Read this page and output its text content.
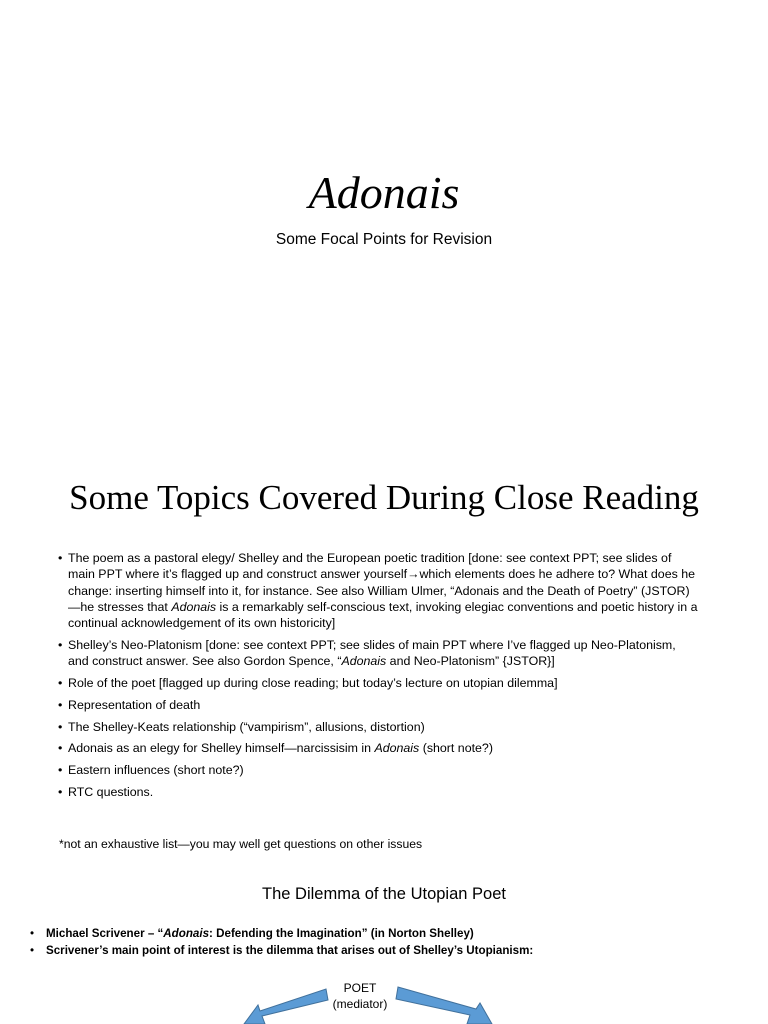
Adonais
Some Focal Points for Revision
Some Topics Covered During Close Reading
• The poem as a pastoral elegy/ Shelley and the European poetic tradition [done: see context PPT; see slides of main PPT where it’s flagged up and construct answer yourself→which elements does he adhere to? What does he change: inserting himself into it, for instance. See also William Ulmer, “Adonais and the Death of Poetry” (JSTOR)—he stresses that Adonais is a remarkably self-conscious text, invoking elegiac conventions and poetic history in a continual acknowledgement of its own historicity]
• Shelley’s Neo-Platonism [done: see context PPT; see slides of main PPT where I’ve flagged up Neo-Platonism, and construct answer. See also Gordon Spence, “Adonais and Neo-Platonism” {JSTOR}]
• Role of the poet [flagged up during close reading; but today’s lecture on utopian dilemma]
• Representation of death
• The Shelley-Keats relationship (“vampirism”, allusions, distortion)
• Adonais as an elegy for Shelley himself—narcissisim in Adonais (short note?)
• Eastern influences (short note?)
• RTC questions.
*not an exhaustive list—you may well get questions on other issues
The Dilemma of the Utopian Poet
• Michael Scrivener – “Adonais: Defending the Imagination” (in Norton Shelley)
• Scrivener’s main point of interest is the dilemma that arises out of Shelley’s Utopianism:
POET
(mediator)
